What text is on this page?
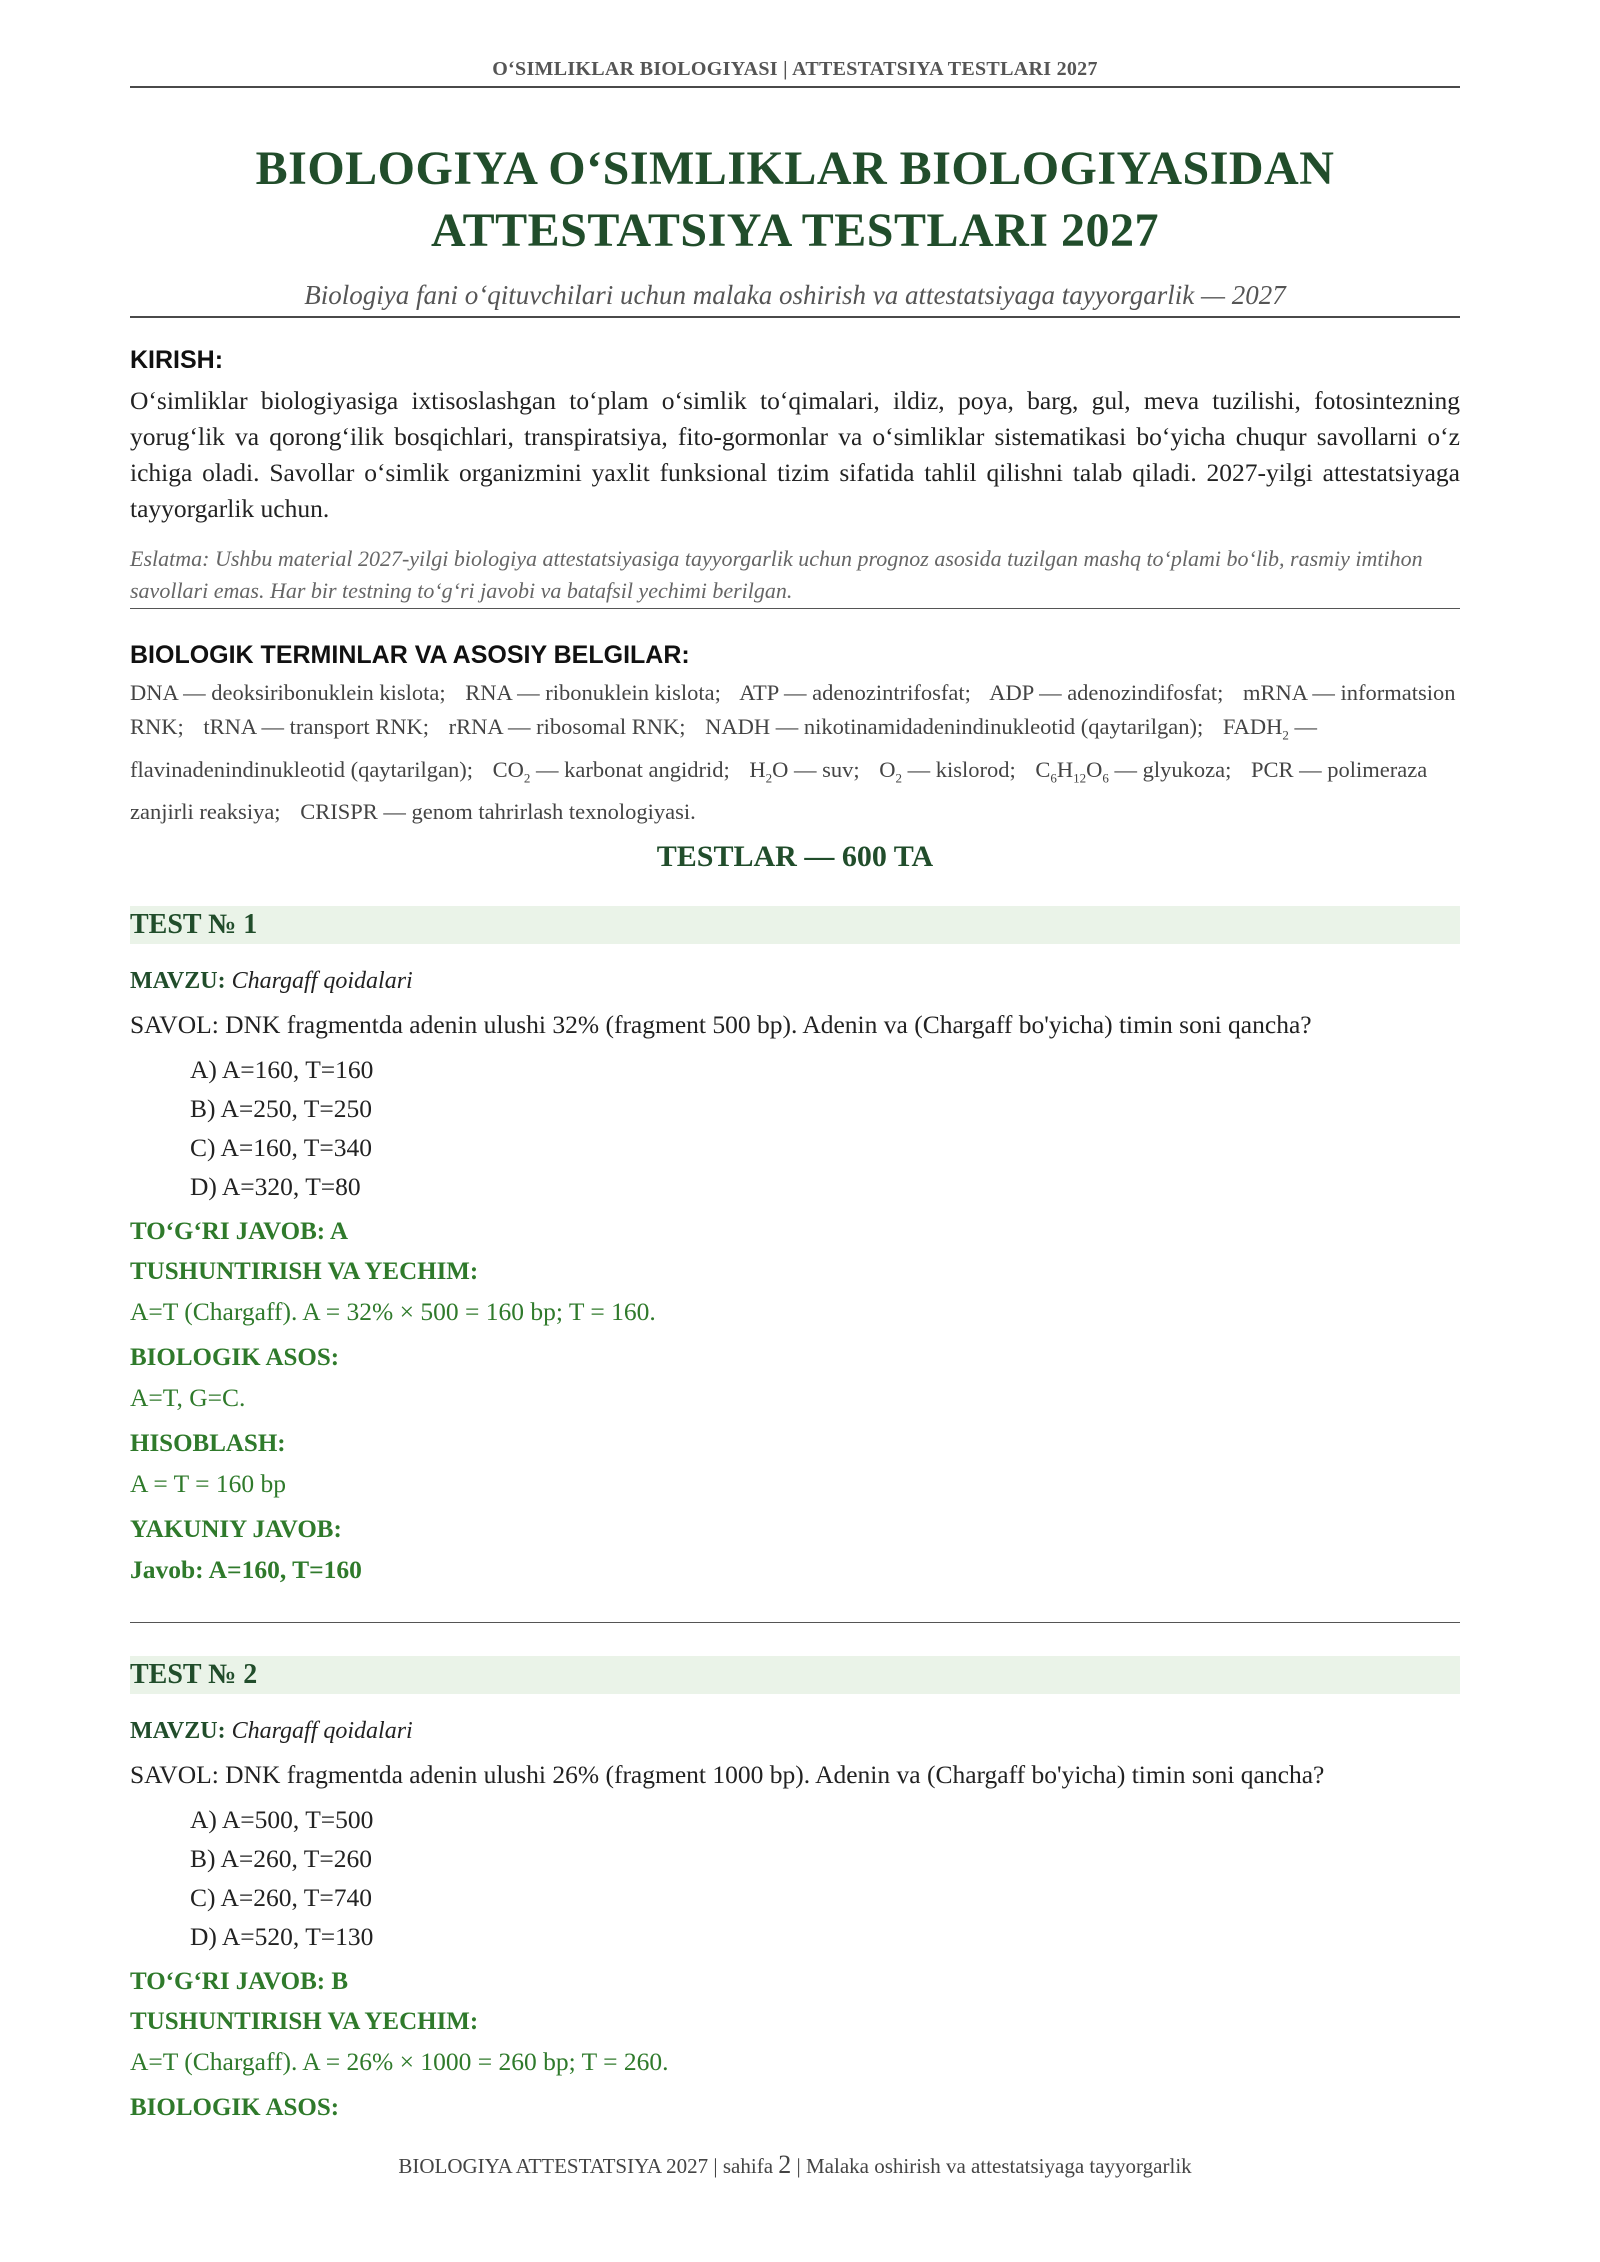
O‘SIMLIKLAR BIOLOGIYASI | ATTESTATSIYA TESTLARI 2027
BIOLOGIYA O‘SIMLIKLAR BIOLOGIYASIDAN
ATTESTATSIYA TESTLARI 2027
Biologiya fani o‘qituvchilari uchun malaka oshirish va attestatsiyaga tayyorgarlik — 2027
KIRISH:
O‘simliklar biologiyasiga ixtisoslashgan to‘plam o‘simlik to‘qimalari, ildiz, poya, barg, gul, meva tuzilishi, fotosintezning yorug‘lik va qorong‘ilik bosqichlari, transpiratsiya, fito-gormonlar va o‘simliklar sistematikasi bo‘yicha chuqur savollarni o‘z ichiga oladi. Savollar o‘simlik organizmini yaxlit funksional tizim sifatida tahlil qilishni talab qiladi. 2027-yilgi attestatsiyaga tayyorgarlik uchun.
Eslatma: Ushbu material 2027-yilgi biologiya attestatsiyasiga tayyorgarlik uchun prognoz asosida tuzilgan mashq to‘plami bo‘lib, rasmiy imtihon savollari emas. Har bir testning to‘g‘ri javobi va batafsil yechimi berilgan.
BIOLOGIK TERMINLAR VA ASOSIY BELGILAR:
DNA — deoksiribonuklein kislota; RNA — ribonuklein kislota; ATP — adenozintrifosfat; ADP — adenozindifosfat; mRNA — informatsion RNK; tRNA — transport RNK; rRNA — ribosomal RNK; NADH — nikotinamidadenindinukleotid (qaytarilgan); $FADH_2$ — flavinadenindinukleotid (qaytarilgan); $CO_2$ — karbonat angidrid; $H_2O$ — suv; $O_2$ — kislorod; $C_6H_{12}O_6$ — glyukoza; PCR — polimeraza zanjirli reaksiya; CRISPR — genom tahrirlash texnologiyasi.
TESTLAR — 600 TA
TEST № 1
MAVZU: Chargaff qoidalari
SAVOL: DNK fragmentda adenin ulushi 32% (fragment 500 bp). Adenin va (Chargaff bo'yicha) timin soni qancha?
A) A=160, T=160
B) A=250, T=250
C) A=160, T=340
D) A=320, T=80
TO‘G‘RI JAVOB: A
TUSHUNTIRISH VA YECHIM:
A=T (Chargaff). A = 32% × 500 = 160 bp; T = 160.
BIOLOGIK ASOS:
A=T, G=C.
HISOBLASH:
A = T = 160 bp
YAKUNIY JAVOB:
Javob: A=160, T=160
TEST № 2
MAVZU: Chargaff qoidalari
SAVOL: DNK fragmentda adenin ulushi 26% (fragment 1000 bp). Adenin va (Chargaff bo'yicha) timin soni qancha?
A) A=500, T=500
B) A=260, T=260
C) A=260, T=740
D) A=520, T=130
TO‘G‘RI JAVOB: B
TUSHUNTIRISH VA YECHIM:
A=T (Chargaff). A = 26% × 1000 = 260 bp; T = 260.
BIOLOGIK ASOS:
BIOLOGIYA ATTESTATSIYA 2027 | sahifa 2 | Malaka oshirish va attestatsiyaga tayyorgarlik
